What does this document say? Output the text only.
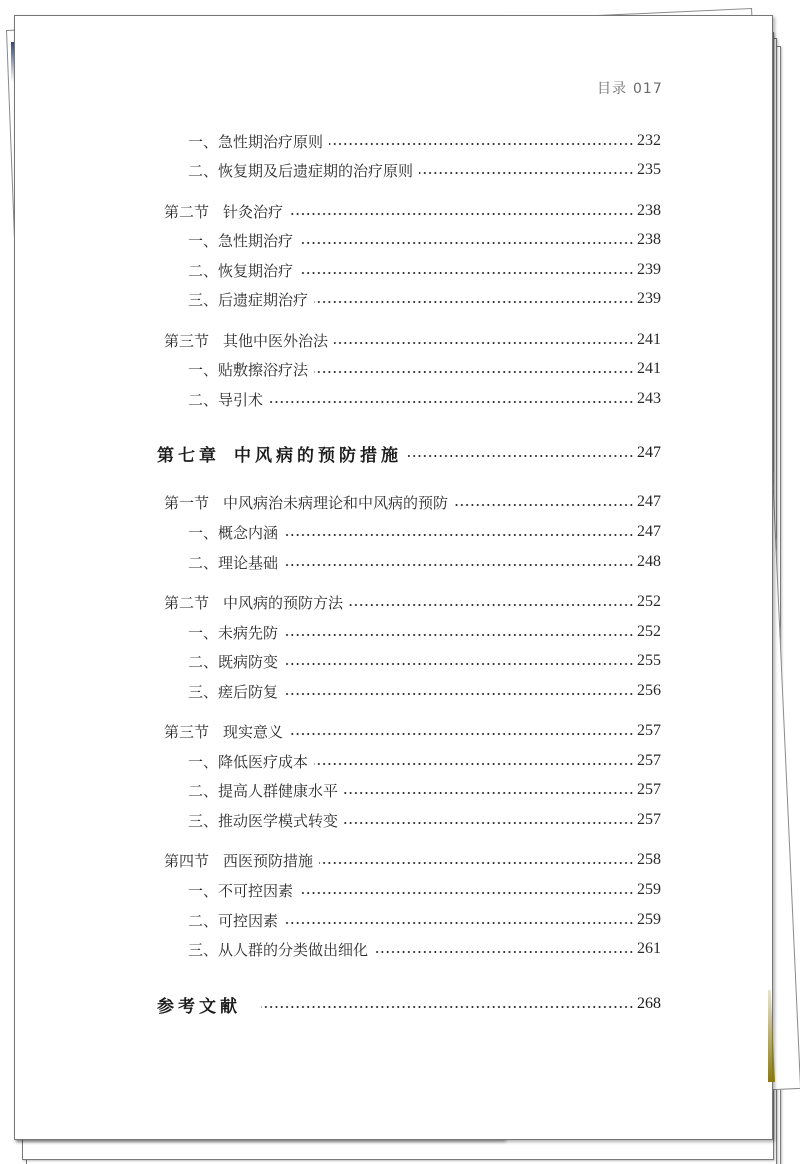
目录 017
一、急性期治疗原则	232
二、恢复期及后遗症期的治疗原则	235
第二节 针灸治疗	238
一、急性期治疗	238
二、恢复期治疗	239
三、后遗症期治疗	239
第三节 其他中医外治法	241
一、贴敷擦浴疗法	241
二、导引术	243
第七章 中风病的预防措施	247
第一节 中风病治未病理论和中风病的预防	247
一、概念内涵	247
二、理论基础	248
第二节 中风病的预防方法	252
一、未病先防	252
二、既病防变	255
三、瘥后防复	256
第三节 现实意义	257
一、降低医疗成本	257
二、提高人群健康水平	257
三、推动医学模式转变	257
第四节 西医预防措施	258
一、不可控因素	259
二、可控因素	259
三、从人群的分类做出细化	261
参考文献	268
